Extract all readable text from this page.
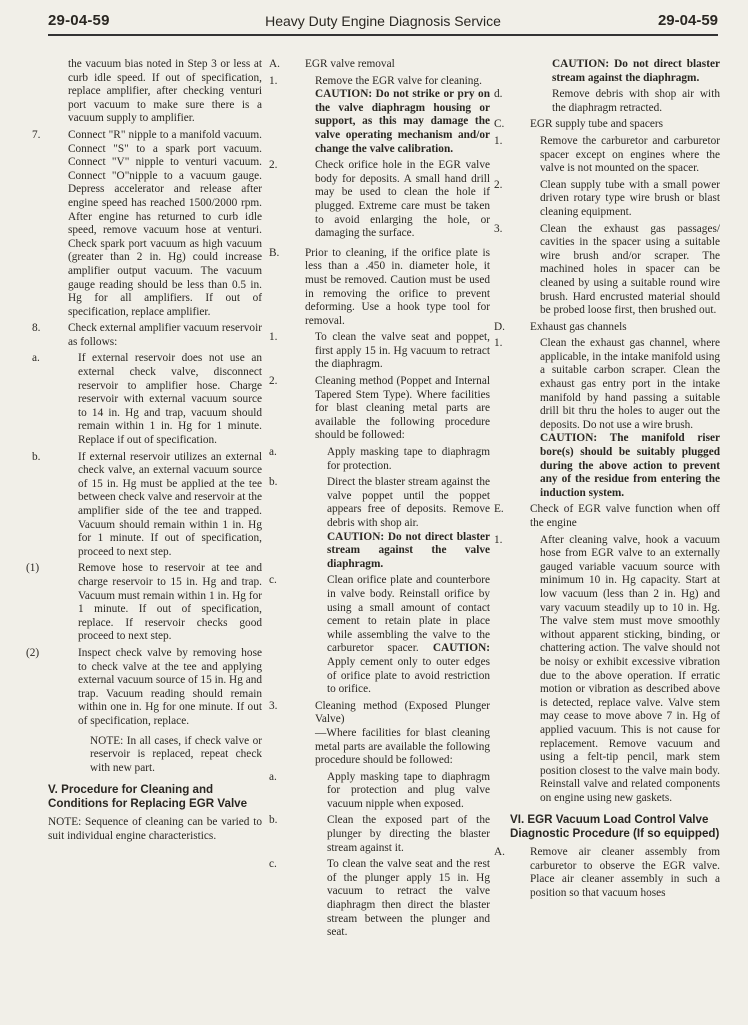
29-04-59	Heavy Duty Engine Diagnosis Service	29-04-59

the vacuum bias noted in Step 3 or less at curb idle speed. If out of specification, replace amplifier, after checking venturi port vacuum to make sure there is a vacuum supply to amplifier.

7. Connect "R" nipple to a manifold vacuum. Connect "S" to a spark port vacuum. Connect "V" nipple to venturi vacuum. Connect "O"nipple to a vacuum gauge. Depress accelerator and release after engine speed has reached 1500/2000 rpm. After engine has returned to curb idle speed, remove vacuum hose at venturi. Check spark port vacuum as high vacuum (greater than 2 in. Hg) could increase amplifier output vacuum. The vacuum gauge reading should be less than 0.5 in. Hg for all amplifiers. If out of specification, replace amplifier.

8. Check external amplifier vacuum reservoir as follows:

a.	If external reservoir does not use an external check valve, disconnect reservoir to amplifier hose. Charge reservoir with external vacuum source to 14 in. Hg and trap, vacuum should remain within 1 in. Hg for 1 minute. Replace if out of specification.

b.	If external reservoir utilizes an external check valve, an external vacuum source of 15 in. Hg must be applied at the tee between check valve and reservoir at the amplifier side of the tee and trapped. Vacuum should remain within 1 in. Hg for 1 minute. If out of specification, proceed to next step.

(1)	Remove hose to reservoir at tee and charge reservoir to 15 in. Hg and trap. Vacuum must remain within 1 in. Hg for 1 minute. If out of specification, replace. If reservoir checks good proceed to next step.

(2)	Inspect check valve by removing hose to check valve at the tee and applying external vacuum source of 15 in. Hg and trap. Vacuum reading should remain within one in. Hg for one minute. If out of specification, replace.

NOTE: In all cases, if check valve or reservoir is replaced, repeat check with new part.

V. Procedure for Cleaning and Conditions for Replacing EGR Valve

NOTE: Sequence of cleaning can be varied to suit individual engine characteristics.

A. EGR valve removal

1.	Remove the EGR valve for cleaning.

CAUTION: Do not strike or pry on the valve diaphragm housing or support, as this may damage the valve operating mechanism and/or change the valve calibration.

2.	Check orifice hole in the EGR valve body for deposits. A small hand drill may be used to clean the hole if plugged. Extreme care must be taken to avoid enlarging the hole, or damaging the surface.

B. Prior to cleaning, if the orifice plate is less than a .450 in. diameter hole, it must be removed. Caution must be used in removing the orifice to prevent deforming. Use a hook type tool for removal.

1.	To clean the valve seat and poppet, first apply 15 in. Hg vacuum to retract the diaphragm.

2.	Cleaning method (Poppet and Internal Tapered Stem Type). Where facilities for blast cleaning metal parts are available the following procedure should be followed:

a.	Apply masking tape to diaphragm for protection.

b.	Direct the blaster stream against the valve poppet until the poppet appears free of deposits. Remove debris with shop air.

CAUTION: Do not direct blaster stream against the valve diaphragm.

c.	Clean orifice plate and counterbore in valve body. Reinstall orifice by using a small amount of contact cement to retain plate in place while assembling the valve to the carburetor spacer. CAUTION: Apply cement only to outer edges of orifice plate to avoid restriction to orifice.

3.	Cleaning method (Exposed Plunger Valve)

—Where facilities for blast cleaning metal parts are available the following procedure should be followed:

a.	Apply masking tape to diaphragm for protection and plug valve vacuum nipple when exposed.

b.	Clean the exposed part of the plunger by directing the blaster stream against it.

c.	To clean the valve seat and the rest of the plunger apply 15 in. Hg vacuum to retract the valve diaphragm then direct the blaster stream between the plunger and seat.

CAUTION: Do not direct blaster stream against the diaphragm.

d.	Remove debris with shop air with the diaphragm retracted.

C. EGR supply tube and spacers

1.	Remove the carburetor and carburetor spacer except on engines where the valve is not mounted on the spacer.

2.	Clean supply tube with a small power driven rotary type wire brush or blast cleaning equipment.

3.	Clean the exhaust gas passages/ cavities in the spacer using a suitable wire brush and/or scraper. The machined holes in spacer can be cleaned by using a suitable round wire brush. Hard encrusted material should be probed loose first, then brushed out.

D. Exhaust gas channels

1.	Clean the exhaust gas channel, where applicable, in the intake manifold using a suitable carbon scraper. Clean the exhaust gas entry port in the intake manifold by hand passing a suitable drill bit thru the holes to auger out the deposits. Do not use a wire brush.

CAUTION: The manifold riser bore(s) should be suitably plugged during the above action to prevent any of the residue from entering the induction system.

E. Check of EGR valve function when off the engine

1.	After cleaning valve, hook a vacuum hose from EGR valve to an externally gauged variable vacuum source with minimum 10 in. Hg capacity. Start at low vacuum (less than 2 in. Hg) and vary vacuum steadily up to 10 in. Hg. The valve stem must move smoothly without apparent sticking, binding, or chattering action. The valve should not be noisy or exhibit excessive vibration due to the above operation. If erratic motion or vibration as described above is detected, replace valve. Valve stem may cease to move above 7 in. Hg of applied vacuum. This is not cause for replacement. Remove vacuum and using a felt-tip pencil, mark stem position closest to the valve main body. Reinstall valve and related components on engine using new gaskets.

VI. EGR Vacuum Load Control Valve Diagnostic Procedure (If so equipped)
A. Remove air cleaner assembly from carburetor to observe the EGR valve. Place air cleaner assembly in such a position so that vacuum hoses
